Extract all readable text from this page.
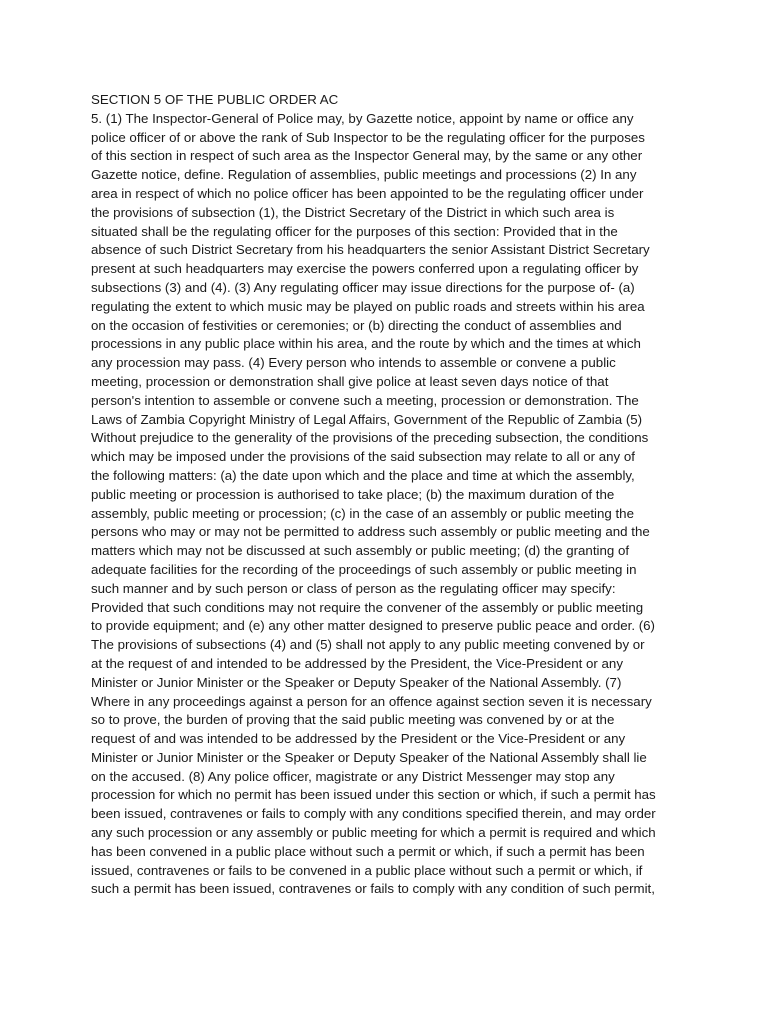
SECTION 5 OF THE PUBLIC ORDER AC
5. (1) The Inspector-General of Police may, by Gazette notice, appoint by name or office any
police officer of or above the rank of Sub Inspector to be the regulating officer for the purposes
of this section in respect of such area as the Inspector General may, by the same or any other
Gazette notice, define. Regulation of assemblies, public meetings and processions (2) In any
area in respect of which no police officer has been appointed to be the regulating officer under
the provisions of subsection (1), the District Secretary of the District in which such area is
situated shall be the regulating officer for the purposes of this section: Provided that in the
absence of such District Secretary from his headquarters the senior Assistant District Secretary
present at such headquarters may exercise the powers conferred upon a regulating officer by
subsections (3) and (4). (3) Any regulating officer may issue directions for the purpose of- (a)
regulating the extent to which music may be played on public roads and streets within his area
on the occasion of festivities or ceremonies; or (b) directing the conduct of assemblies and
processions in any public place within his area, and the route by which and the times at which
any procession may pass. (4) Every person who intends to assemble or convene a public
meeting, procession or demonstration shall give police at least seven days notice of that
person's intention to assemble or convene such a meeting, procession or demonstration. The
Laws of Zambia Copyright Ministry of Legal Affairs, Government of the Republic of Zambia (5)
Without prejudice to the generality of the provisions of the preceding subsection, the conditions
which may be imposed under the provisions of the said subsection may relate to all or any of
the following matters: (a) the date upon which and the place and time at which the assembly,
public meeting or procession is authorised to take place; (b) the maximum duration of the
assembly, public meeting or procession; (c) in the case of an assembly or public meeting the
persons who may or may not be permitted to address such assembly or public meeting and the
matters which may not be discussed at such assembly or public meeting; (d) the granting of
adequate facilities for the recording of the proceedings of such assembly or public meeting in
such manner and by such person or class of person as the regulating officer may specify:
Provided that such conditions may not require the convener of the assembly or public meeting
to provide equipment; and (e) any other matter designed to preserve public peace and order. (6)
The provisions of subsections (4) and (5) shall not apply to any public meeting convened by or
at the request of and intended to be addressed by the President, the Vice-President or any
Minister or Junior Minister or the Speaker or Deputy Speaker of the National Assembly. (7)
Where in any proceedings against a person for an offence against section seven it is necessary
so to prove, the burden of proving that the said public meeting was convened by or at the
request of and was intended to be addressed by the President or the Vice-President or any
Minister or Junior Minister or the Speaker or Deputy Speaker of the National Assembly shall lie
on the accused. (8) Any police officer, magistrate or any District Messenger may stop any
procession for which no permit has been issued under this section or which, if such a permit has
been issued, contravenes or fails to comply with any conditions specified therein, and may order
any such procession or any assembly or public meeting for which a permit is required and which
has been convened in a public place without such a permit or which, if such a permit has been
issued, contravenes or fails to be convened in a public place without such a permit or which, if
such a permit has been issued, contravenes or fails to comply with any condition of such permit,
